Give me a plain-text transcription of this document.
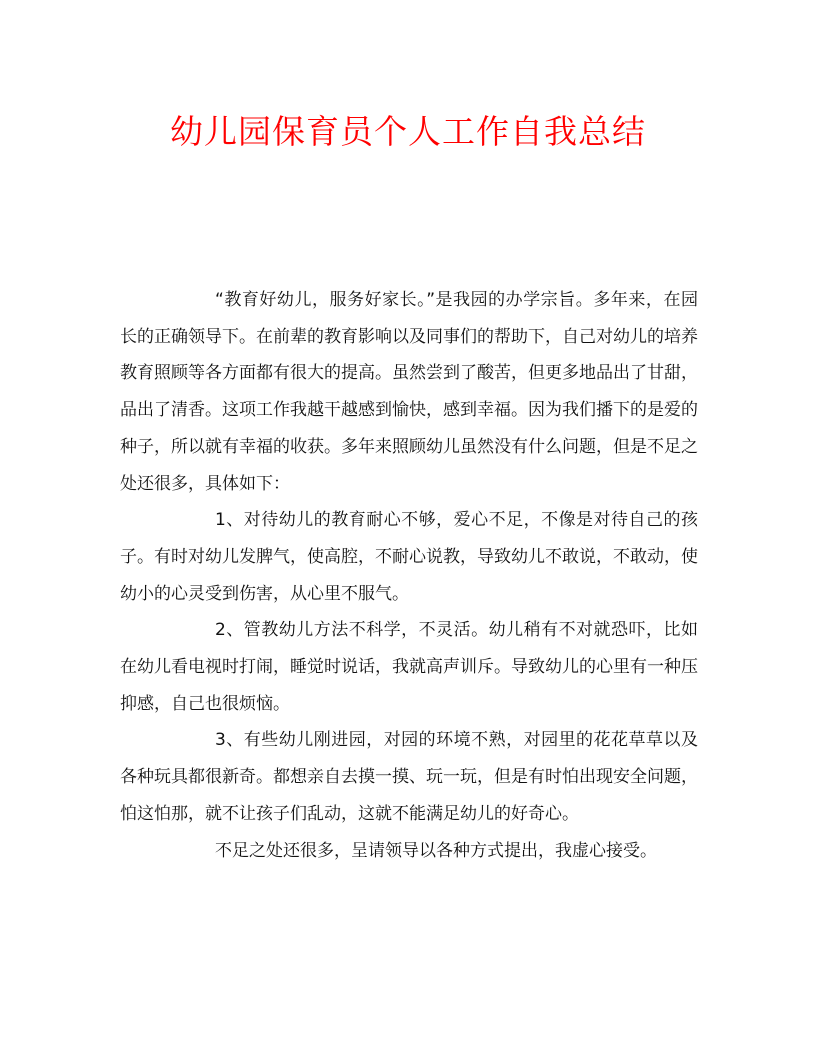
幼儿园保育员个人工作自我总结

“教育好幼儿，服务好家长。”是我园的办学宗旨。多年来，在园长的正确领导下。在前辈的教育影响以及同事们的帮助下，自己对幼儿的培养教育照顾等各方面都有很大的提高。虽然尝到了酸苦，但更多地品出了甘甜，品出了清香。这项工作我越干越感到愉快，感到幸福。因为我们播下的是爱的种子，所以就有幸福的收获。多年来照顾幼儿虽然没有什么问题，但是不足之处还很多，具体如下：

1、对待幼儿的教育耐心不够，爱心不足，不像是对待自己的孩子。有时对幼儿发脾气，使高腔，不耐心说教，导致幼儿不敢说，不敢动，使幼小的心灵受到伤害，从心里不服气。

2、管教幼儿方法不科学，不灵活。幼儿稍有不对就恐吓，比如在幼儿看电视时打闹，睡觉时说话，我就高声训斥。导致幼儿的心里有一种压抑感，自己也很烦恼。

3、有些幼儿刚进园，对园的环境不熟，对园里的花花草草以及各种玩具都很新奇。都想亲自去摸一摸、玩一玩，但是有时怕出现安全问题，怕这怕那，就不让孩子们乱动，这就不能满足幼儿的好奇心。

不足之处还很多，呈请领导以各种方式提出，我虚心接受。
